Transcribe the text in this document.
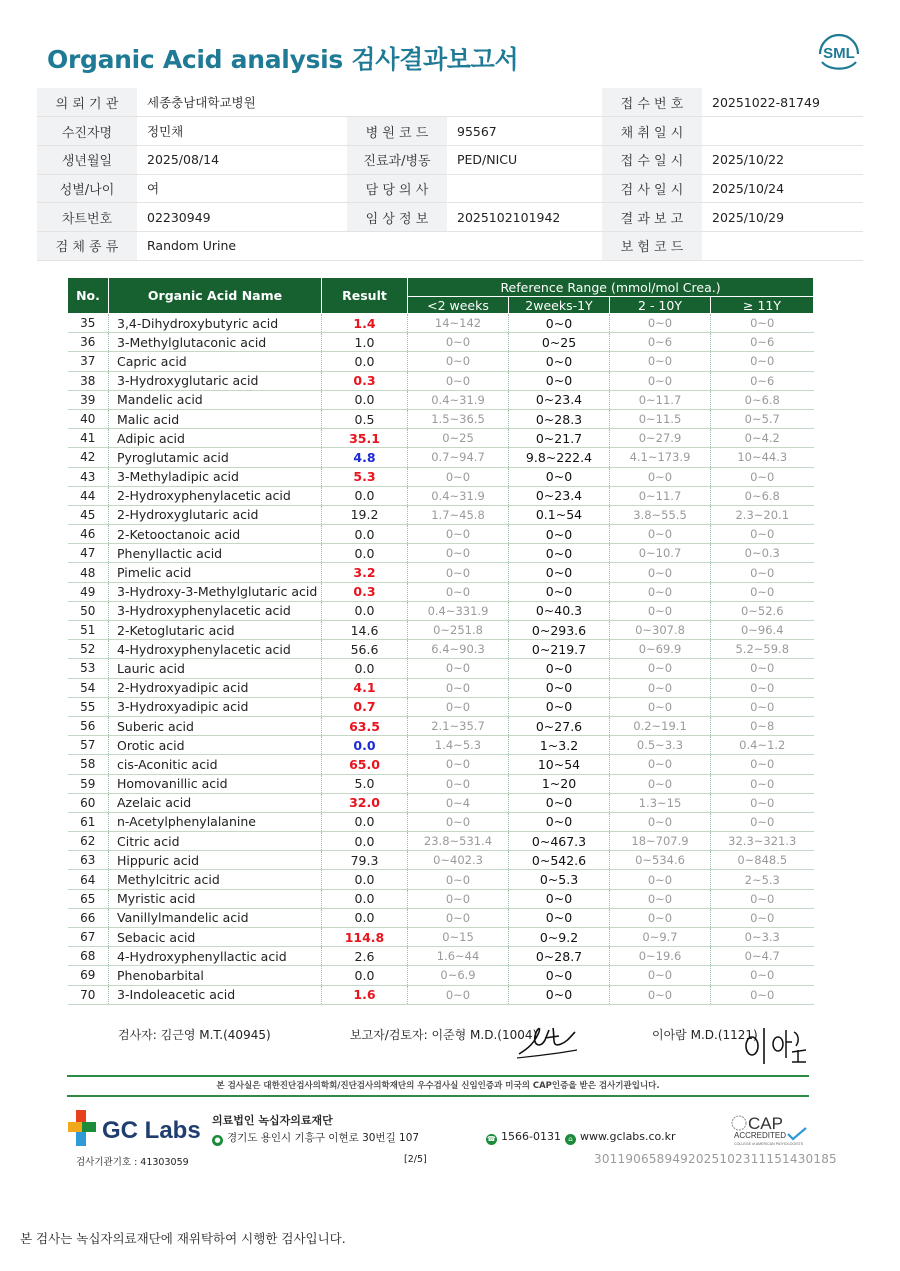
Organic Acid analysis 검사결과보고서	SML
의 뢰 기 관	세종충남대학교병원			접 수 번 호	20251022-81749
수진자명	정민채	병 원 코 드	95567	채 취 일 시	
생년월일	2025/08/14	진료과/병동	PED/NICU	접 수 일 시	2025/10/22
성별/나이	여	담 당 의 사		검 사 일 시	2025/10/24
차트번호	02230949	임 상 정 보	2025102101942	결 과 보 고	2025/10/29
검 체 종 류	Random Urine			보 험 코 드	
No.	Organic Acid Name	Result	Reference Range (mmol/mol Crea.)			
			<2 weeks	2weeks-1Y	2 - 10Y	≥ 11Y
35	3,4-Dihydroxybutyric acid	1.4	14~142	0~0	0~0	0~0
36	3-Methylglutaconic acid	1.0	0~0	0~25	0~6	0~6
37	Capric acid	0.0	0~0	0~0	0~0	0~0
38	3-Hydroxyglutaric acid	0.3	0~0	0~0	0~0	0~6
39	Mandelic acid	0.0	0.4~31.9	0~23.4	0~11.7	0~6.8
40	Malic acid	0.5	1.5~36.5	0~28.3	0~11.5	0~5.7
41	Adipic acid	35.1	0~25	0~21.7	0~27.9	0~4.2
42	Pyroglutamic acid	4.8	0.7~94.7	9.8~222.4	4.1~173.9	10~44.3
43	3-Methyladipic acid	5.3	0~0	0~0	0~0	0~0
44	2-Hydroxyphenylacetic acid	0.0	0.4~31.9	0~23.4	0~11.7	0~6.8
45	2-Hydroxyglutaric acid	19.2	1.7~45.8	0.1~54	3.8~55.5	2.3~20.1
46	2-Ketooctanoic acid	0.0	0~0	0~0	0~0	0~0
47	Phenyllactic acid	0.0	0~0	0~0	0~10.7	0~0.3
48	Pimelic acid	3.2	0~0	0~0	0~0	0~0
49	3-Hydroxy-3-Methylglutaric acid	0.3	0~0	0~0	0~0	0~0
50	3-Hydroxyphenylacetic acid	0.0	0.4~331.9	0~40.3	0~0	0~52.6
51	2-Ketoglutaric acid	14.6	0~251.8	0~293.6	0~307.8	0~96.4
52	4-Hydroxyphenylacetic acid	56.6	6.4~90.3	0~219.7	0~69.9	5.2~59.8
53	Lauric acid	0.0	0~0	0~0	0~0	0~0
54	2-Hydroxyadipic acid	4.1	0~0	0~0	0~0	0~0
55	3-Hydroxyadipic acid	0.7	0~0	0~0	0~0	0~0
56	Suberic acid	63.5	2.1~35.7	0~27.6	0.2~19.1	0~8
57	Orotic acid	0.0	1.4~5.3	1~3.2	0.5~3.3	0.4~1.2
58	cis-Aconitic acid	65.0	0~0	10~54	0~0	0~0
59	Homovanillic acid	5.0	0~0	1~20	0~0	0~0
60	Azelaic acid	32.0	0~4	0~0	1.3~15	0~0
61	n-Acetylphenylalanine	0.0	0~0	0~0	0~0	0~0
62	Citric acid	0.0	23.8~531.4	0~467.3	18~707.9	32.3~321.3
63	Hippuric acid	79.3	0~402.3	0~542.6	0~534.6	0~848.5
64	Methylcitric acid	0.0	0~0	0~5.3	0~0	2~5.3
65	Myristic acid	0.0	0~0	0~0	0~0	0~0
66	Vanillylmandelic acid	0.0	0~0	0~0	0~0	0~0
67	Sebacic acid	114.8	0~15	0~9.2	0~9.7	0~3.3
68	4-Hydroxyphenyllactic acid	2.6	1.6~44	0~28.7	0~19.6	0~4.7
69	Phenobarbital	0.0	0~6.9	0~0	0~0	0~0
70	3-Indoleacetic acid	1.6	0~0	0~0	0~0	0~0
검사자: 김근영 M.T.(40945)	보고자/검토자: 이준형 M.D.(1004)	이아람 M.D.(1121)
본 검사실은 대한진단검사의학회/진단검사의학재단의 우수검사실 신임인증과 미국의 CAP인증을 받은 검사기관입니다.
GC Labs 의료법인 녹십자의료재단
● 경기도 용인시 기흥구 이현로 30번길 107	☎ 1566-0131	⌂ www.gclabs.co.kr
CAP
ACCREDITED
COLLEGE of AMERICAN PATHOLOGISTS
검사기관기호 : 41303059	[2/5]	3011906589492025102311151430185
본 검사는 녹십자의료재단에 재위탁하여 시행한 검사입니다.
